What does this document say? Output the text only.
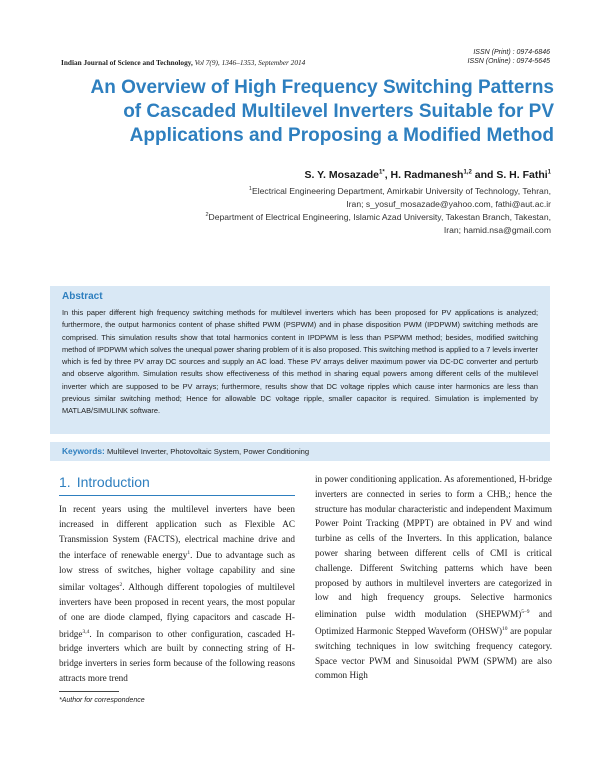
ISSN (Print) : 0974-6846
ISSN (Online) : 0974-5645
Indian Journal of Science and Technology, Vol 7(9), 1346–1353, September 2014
An Overview of High Frequency Switching Patterns
of Cascaded Multilevel Inverters Suitable for PV
Applications and Proposing a Modified Method
S. Y. Mosazade$^{1*}$, H. Radmanesh$^{1,2}$ and S. H. Fathi$^1$
$^1$Electrical Engineering Department, Amirkabir University of Technology, Tehran,
Iran; s_yosuf_mosazade@yahoo.com, fathi@aut.ac.ir
$^2$Department of Electrical Engineering, Islamic Azad University, Takestan Branch, Takestan,
Iran; hamid.nsa@gmail.com
Abstract
In this paper different high frequency switching methods for multilevel inverters which has been proposed for PV applications is analyzed; furthermore, the output harmonics content of phase shifted PWM (PSPWM) and in phase disposition PWM (IPDPWM) switching methods are comprised. This simulation results show that total harmonics content in IPDPWM is less than PSPWM method; besides, modified switching method of IPDPWM which solves the unequal power sharing problem of it is also proposed. This switching method is applied to a 7 levels inverter which is fed by three PV array DC sources and supply an AC load. These PV arrays deliver maximum power via DC-DC converter and perturb and observe algorithm. Simulation results show effectiveness of this method in sharing equal powers among different cells of the multilevel inverter which are supposed to be PV arrays; furthermore, results show that DC voltage ripples which cause inter harmonics are less than previous similar switching method; Hence for allowable DC voltage ripple, smaller capacitor is required. Simulation is implemented by MATLAB/SIMULINK software.
Keywords: Multilevel Inverter, Photovoltaic System, Power Conditioning
1. Introduction
In recent years using the multilevel inverters have been increased in different application such as Flexible AC Transmission System (FACTS), electrical machine drive and the interface of renewable energy$^1$. Due to advantage such as low stress of switches, higher voltage capability and sine similar voltages$^2$. Although different topologies of multilevel inverters have been proposed in recent years, the most popular of one are diode clamped, flying capacitors and cascade H-bridge$^{3,4}$. In comparison to other configuration, cascaded H-bridge inverters which are built by connecting string of H-bridge inverters in series form because of the following reasons attracts more trend
in power conditioning application. As aforementioned, H-bridge inverters are connected in series to form a CHB,; hence the structure has modular characteristic and independent Maximum Power Point Tracking (MPPT) are obtained in PV and wind turbine as cells of the Inverters. In this application, balance power sharing between different cells of CMI is critical challenge. Different Switching patterns which have been proposed by authors in multilevel inverters are categorized in low and high frequency groups. Selective harmonics elimination pulse width modulation (SHEPWM)$^{5-9}$ and Optimized Harmonic Stepped Waveform (OHSW)$^{10}$ are popular switching techniques in low switching frequency category. Space vector PWM and Sinusoidal PWM (SPWM) are also common High
*Author for correspondence
